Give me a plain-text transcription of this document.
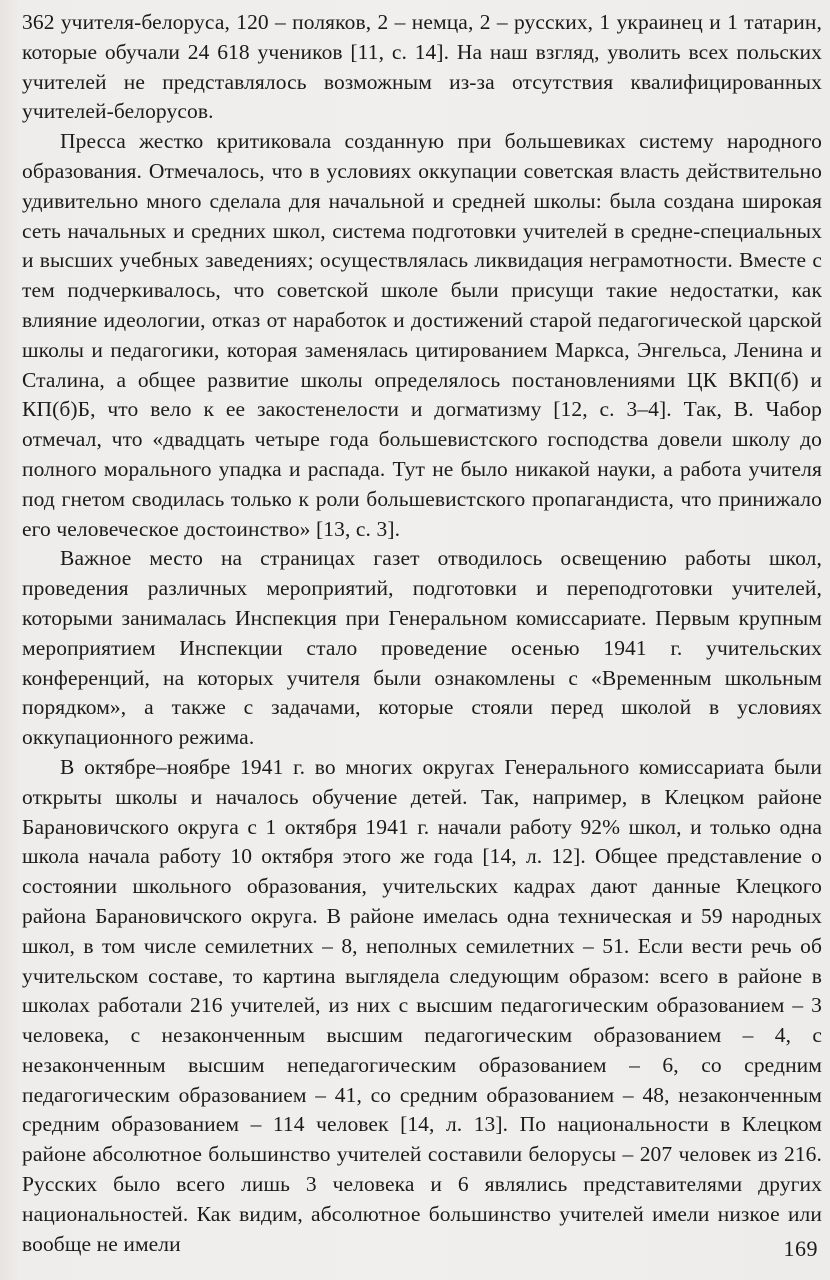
362 учителя-белоруса, 120 – поляков, 2 – немца, 2 – русских, 1 украинец и 1 татарин, которые обучали 24 618 учеников [11, с. 14]. На наш взгляд, уволить всех польских учителей не представлялось возможным из-за отсутствия квалифицированных учителей-белорусов.

Пресса жестко критиковала созданную при большевиках систему народного образования. Отмечалось, что в условиях оккупации советская власть действительно удивительно много сделала для начальной и средней школы: была создана широкая сеть начальных и средних школ, система подготовки учителей в средне-специальных и высших учебных заведениях; осуществлялась ликвидация неграмотности. Вместе с тем подчеркивалось, что советской школе были присущи такие недостатки, как влияние идеологии, отказ от наработок и достижений старой педагогической царской школы и педагогики, которая заменялась цитированием Маркса, Энгельса, Ленина и Сталина, а общее развитие школы определялось постановлениями ЦК ВКП(б) и КП(б)Б, что вело к ее закостенелости и догматизму [12, с. 3–4]. Так, В. Чабор отмечал, что «двадцать четыре года большевистского господства довели школу до полного морального упадка и распада. Тут не было никакой науки, а работа учителя под гнетом сводилась только к роли большевистского пропагандиста, что принижало его человеческое достоинство» [13, с. 3].

Важное место на страницах газет отводилось освещению работы школ, проведения различных мероприятий, подготовки и переподготовки учителей, которыми занималась Инспекция при Генеральном комиссариате. Первым крупным мероприятием Инспекции стало проведение осенью 1941 г. учительских конференций, на которых учителя были ознакомлены с «Временным школьным порядком», а также с задачами, которые стояли перед школой в условиях оккупационного режима.

В октябре–ноябре 1941 г. во многих округах Генерального комиссариата были открыты школы и началось обучение детей. Так, например, в Клецком районе Барановичского округа с 1 октября 1941 г. начали работу 92% школ, и только одна школа начала работу 10 октября этого же года [14, л. 12]. Общее представление о состоянии школьного образования, учительских кадрах дают данные Клецкого района Барановичского округа. В районе имелась одна техническая и 59 народных школ, в том числе семилетних – 8, неполных семилетних – 51. Если вести речь об учительском составе, то картина выглядела следующим образом: всего в районе в школах работали 216 учителей, из них с высшим педагогическим образованием – 3 человека, с незаконченным высшим педагогическим образованием – 4, с незаконченным высшим непедагогическим образованием – 6, со средним педагогическим образованием – 41, со средним образованием – 48, незаконченным средним образованием – 114 человек [14, л. 13]. По национальности в Клецком районе абсолютное большинство учителей составили белорусы – 207 человек из 216. Русских было всего лишь 3 человека и 6 являлись представителями других национальностей. Как видим, абсолютное большинство учителей имели низкое или вообще не имели	169
